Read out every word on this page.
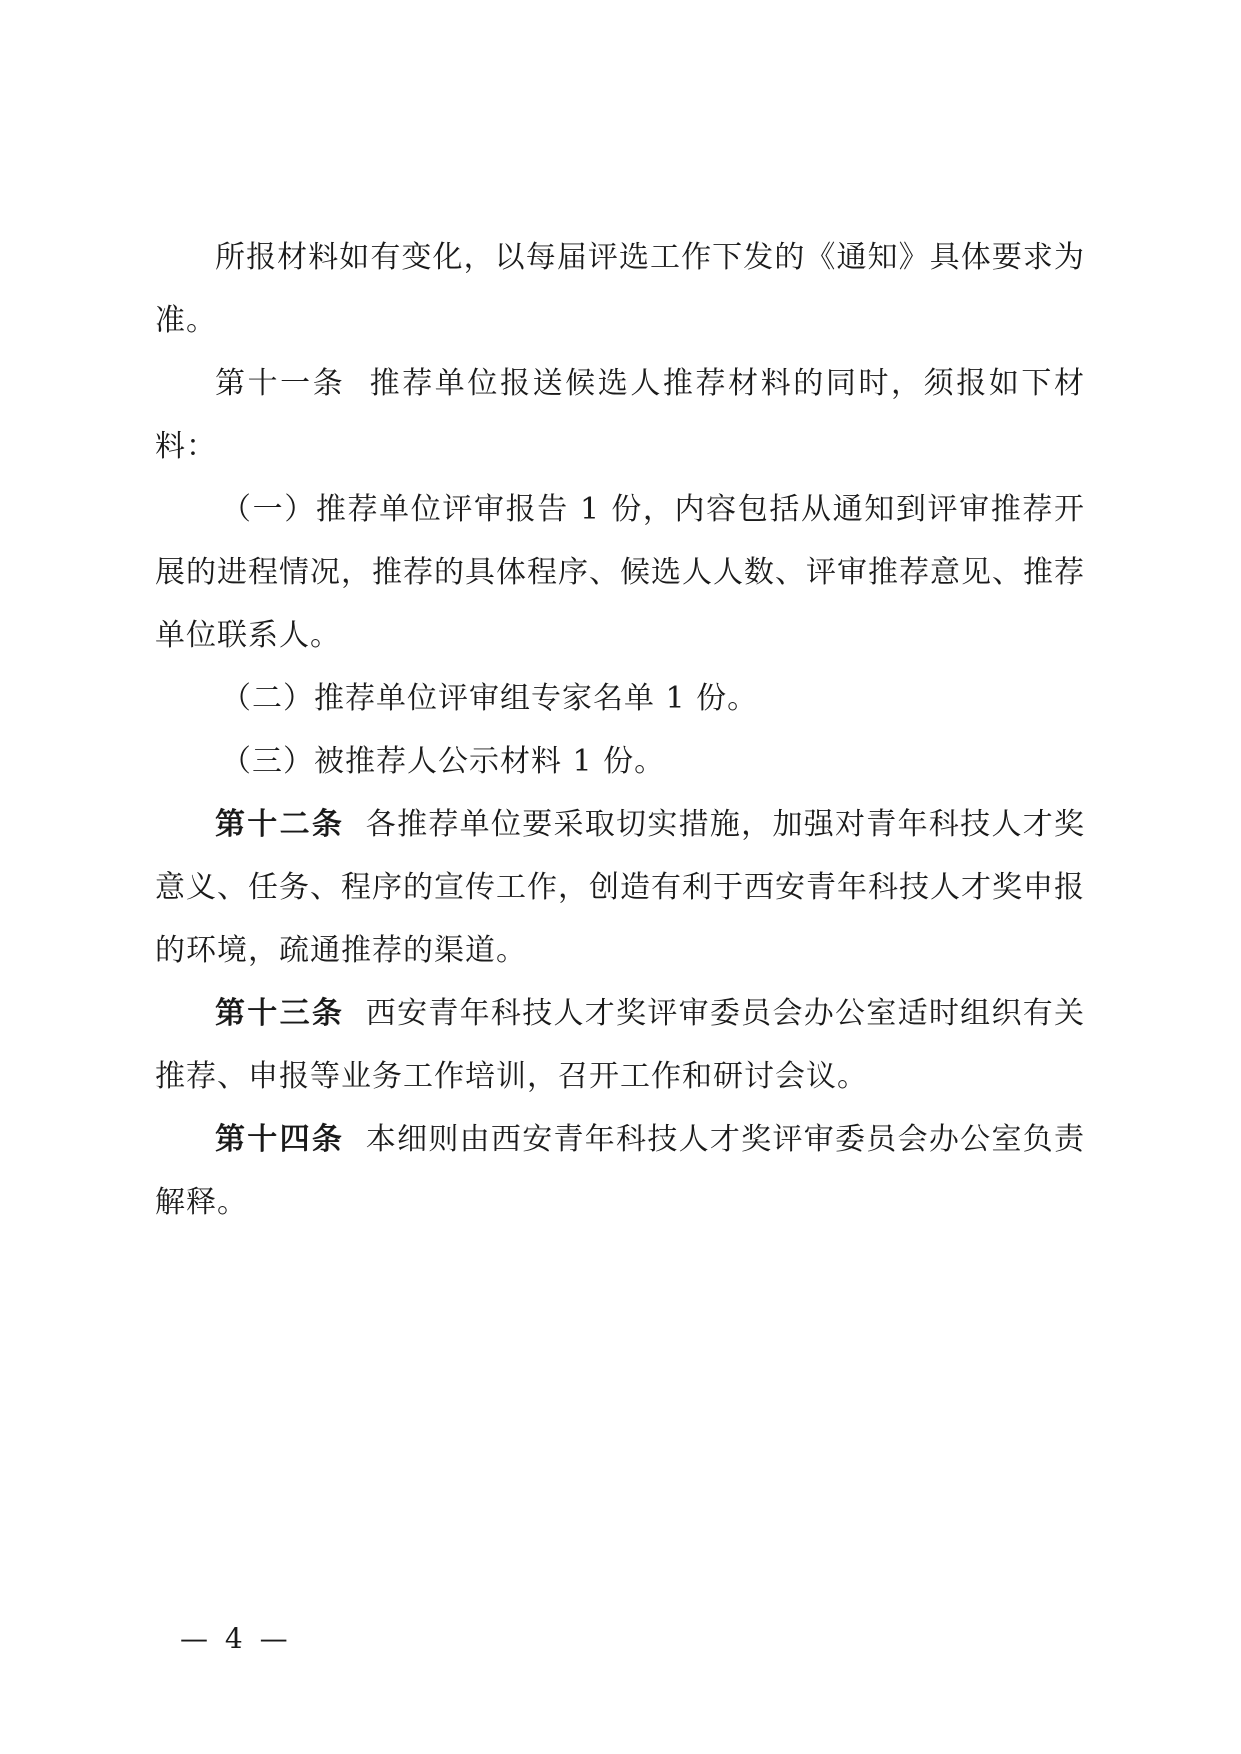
所报材料如有变化，以每届评选工作下发的《通知》具体要求为准。

第十一条 推荐单位报送候选人推荐材料的同时，须报如下材料：

（一）推荐单位评审报告 1 份，内容包括从通知到评审推荐开展的进程情况，推荐的具体程序、候选人人数、评审推荐意见、推荐单位联系人。

（二）推荐单位评审组专家名单 1 份。

（三）被推荐人公示材料 1 份。

第十二条 各推荐单位要采取切实措施，加强对青年科技人才奖意义、任务、程序的宣传工作，创造有利于西安青年科技人才奖申报的环境，疏通推荐的渠道。

第十三条 西安青年科技人才奖评审委员会办公室适时组织有关推荐、申报等业务工作培训，召开工作和研讨会议。

第十四条 本细则由西安青年科技人才奖评审委员会办公室负责解释。

— 4 —
